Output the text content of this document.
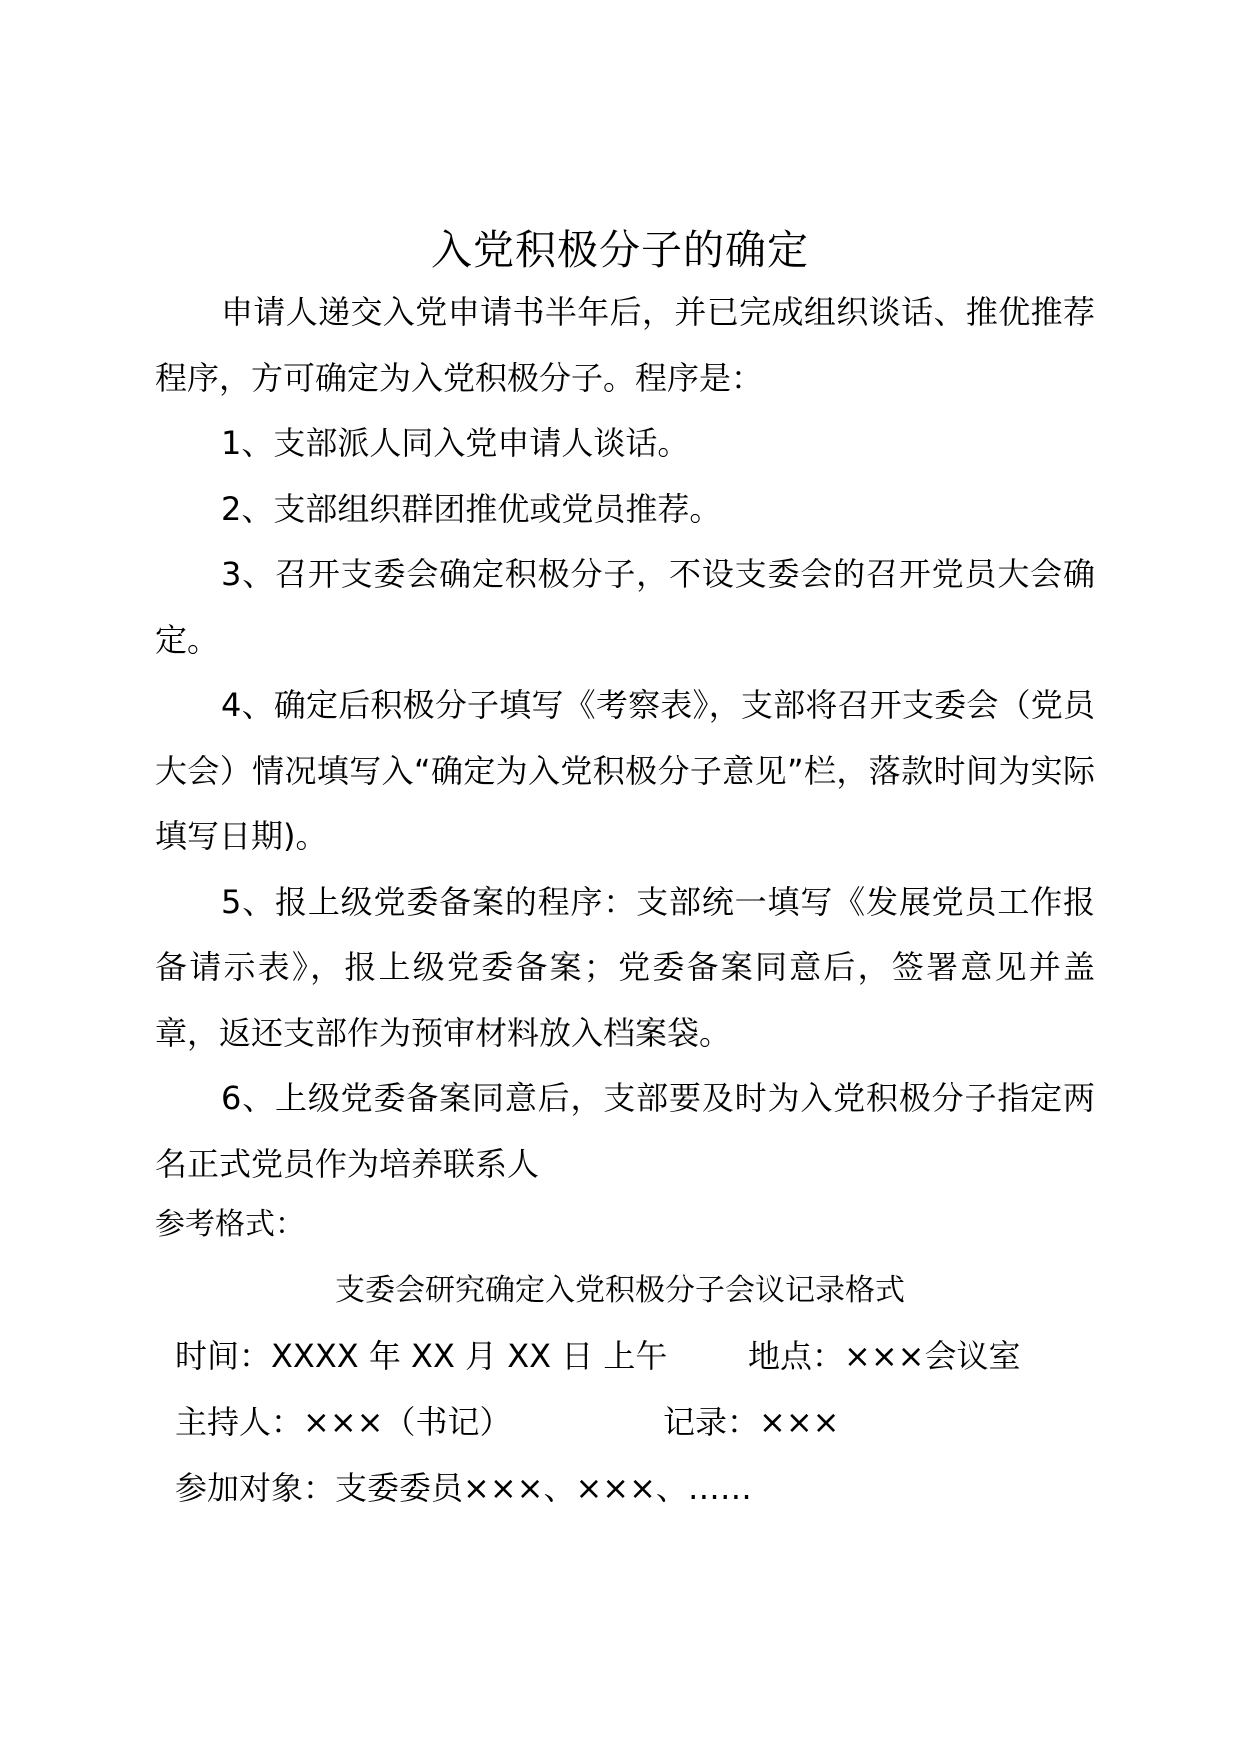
入党积极分子的确定

申请人递交入党申请书半年后，并已完成组织谈话、推优推荐程序，方可确定为入党积极分子。程序是：

1、支部派人同入党申请人谈话。

2、支部组织群团推优或党员推荐。

3、召开支委会确定积极分子，不设支委会的召开党员大会确定。

4、确定后积极分子填写《考察表》，支部将召开支委会（党员大会）情况填写入“确定为入党积极分子意见”栏，落款时间为实际填写日期)。

5、报上级党委备案的程序：支部统一填写《发展党员工作报备请示表》，报上级党委备案；党委备案同意后，签署意见并盖章，返还支部作为预审材料放入档案袋。

6、上级党委备案同意后，支部要及时为入党积极分子指定两名正式党员作为培养联系人

参考格式：

支委会研究确定入党积极分子会议记录格式

时间：XXXX 年 XX 月 XX 日 上午	地点：×××会议室
主持人：×××（书记）	记录：×××
参加对象：支委委员×××、×××、……
